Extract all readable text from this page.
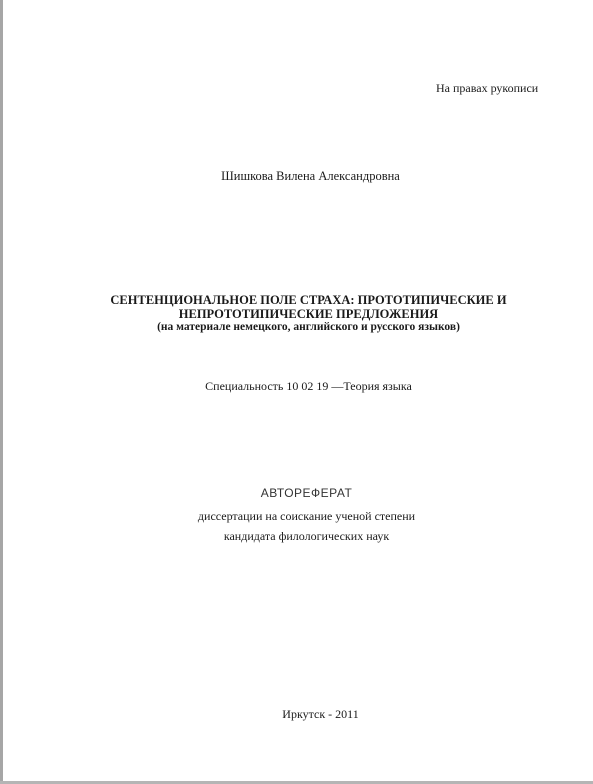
На правах рукописи
Шишкова Вилена Александровна
СЕНТЕНЦИОНАЛЬНОЕ ПОЛЕ СТРАХА: ПРОТОТИПИЧЕСКИЕ И
НЕПРОТОТИПИЧЕСКИЕ ПРЕДЛОЖЕНИЯ
(на материале немецкого, английского и русского языков)
Специальность 10 02 19 —Теория языка
АВТОРЕФЕРАТ
диссертации на соискание ученой степени
кандидата филологических наук
Иркутск - 2011
